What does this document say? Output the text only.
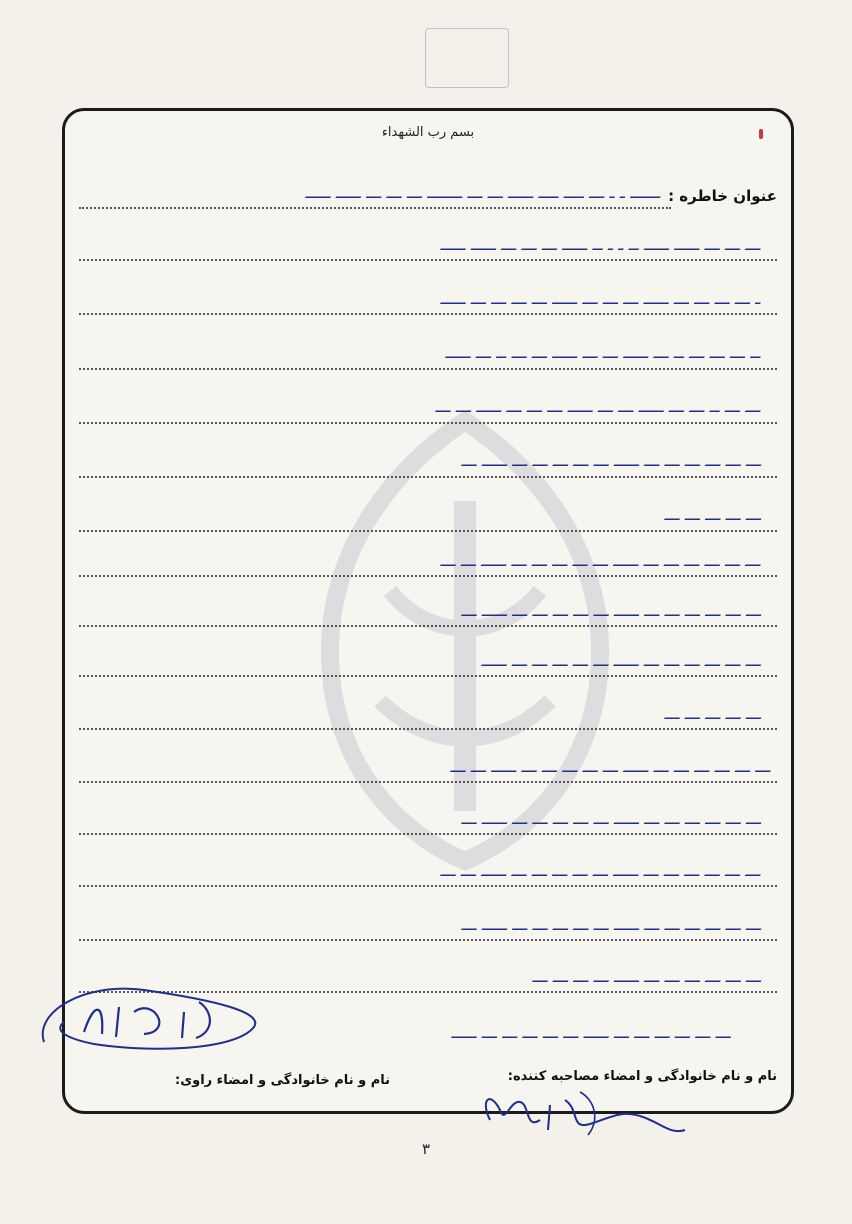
بسم رب الشهداء
عنوان خاطره :
ــــــ ـ ـ ـــ ــــ ــــ ـــــ ـــ ـــ ـــــــ ـــ ـــ ـــ ـــــ ـــــ
ـــ ـــ ـــ ـــــ ـــــ ــ ـ ـ ــ ـــــ ـــ ـــ ـــ ـــــ ـــــ
ـ ـــ ـــ ـــ ـــ ـــــ ـــ ـــ ـــ ـــــ ـــ ـــ ـــ ـــ ـــــ
ــ ـــ ـــ ـــ ــ ـــ ـــــ ـــ ـــ ـــــ ـــ ـــ ــ ـــ ـــــ
ـــ ـــ ــ ـــ ـــ ـــــ ـــ ـــ ـــــ ـــ ـــ ـــ ـــــ ـــ ـــ
ـــ ـــ ـــ ـــ ـــ ـــ ـــــ ـــ ـــ ـــ ـــ ـــ ـــــ ـــ
ـــ ـــ ـــ ـــ ـــ
ـــ ـــ ـــ ـــ ـــ ـــ ـــــ ـــ ـــ ـــ ـــ ـــ ـــــ ـــ ـــ
ـــ ـــ ـــ ـــ ـــ ـــ ـــــ ـــ ـــ ـــ ـــ ـــ ـــــ ـــ
ـــ ـــ ـــ ـــ ـــ ـــ ـــــ ـــ ـــ ـــ ـــ ـــ ـــــ
ـــ ـــ ـــ ـــ ـــ
ـــ ـــ ـــ ـــ ـــ ـــ ـــــ ـــ ـــ ـــ ـــ ـــ ـــــ ـــ ـــ
ـــ ـــ ـــ ـــ ـــ ـــ ـــــ ـــ ـــ ـــ ـــ ـــ ـــــ ـــ
ـــ ـــ ـــ ـــ ـــ ـــ ـــــ ـــ ـــ ـــ ـــ ـــ ـــــ ـــ ـــ
ـــ ـــ ـــ ـــ ـــ ـــ ـــــ ـــ ـــ ـــ ـــ ـــ ـــــ ـــ
ـــ ـــ ـــ ـــ ـــ ـــ ـــــ ـــ ـــ ـــ ـــ
ـــ ـــ ـــ ـــ ـــ ـــ ـــــ ـــ ـــ ـــ ـــ ـــ ـــــ
نام و نام خانوادگی و امضاء مصاحبه کننده:
نام و نام خانوادگی و امضاء راوی:
۳
